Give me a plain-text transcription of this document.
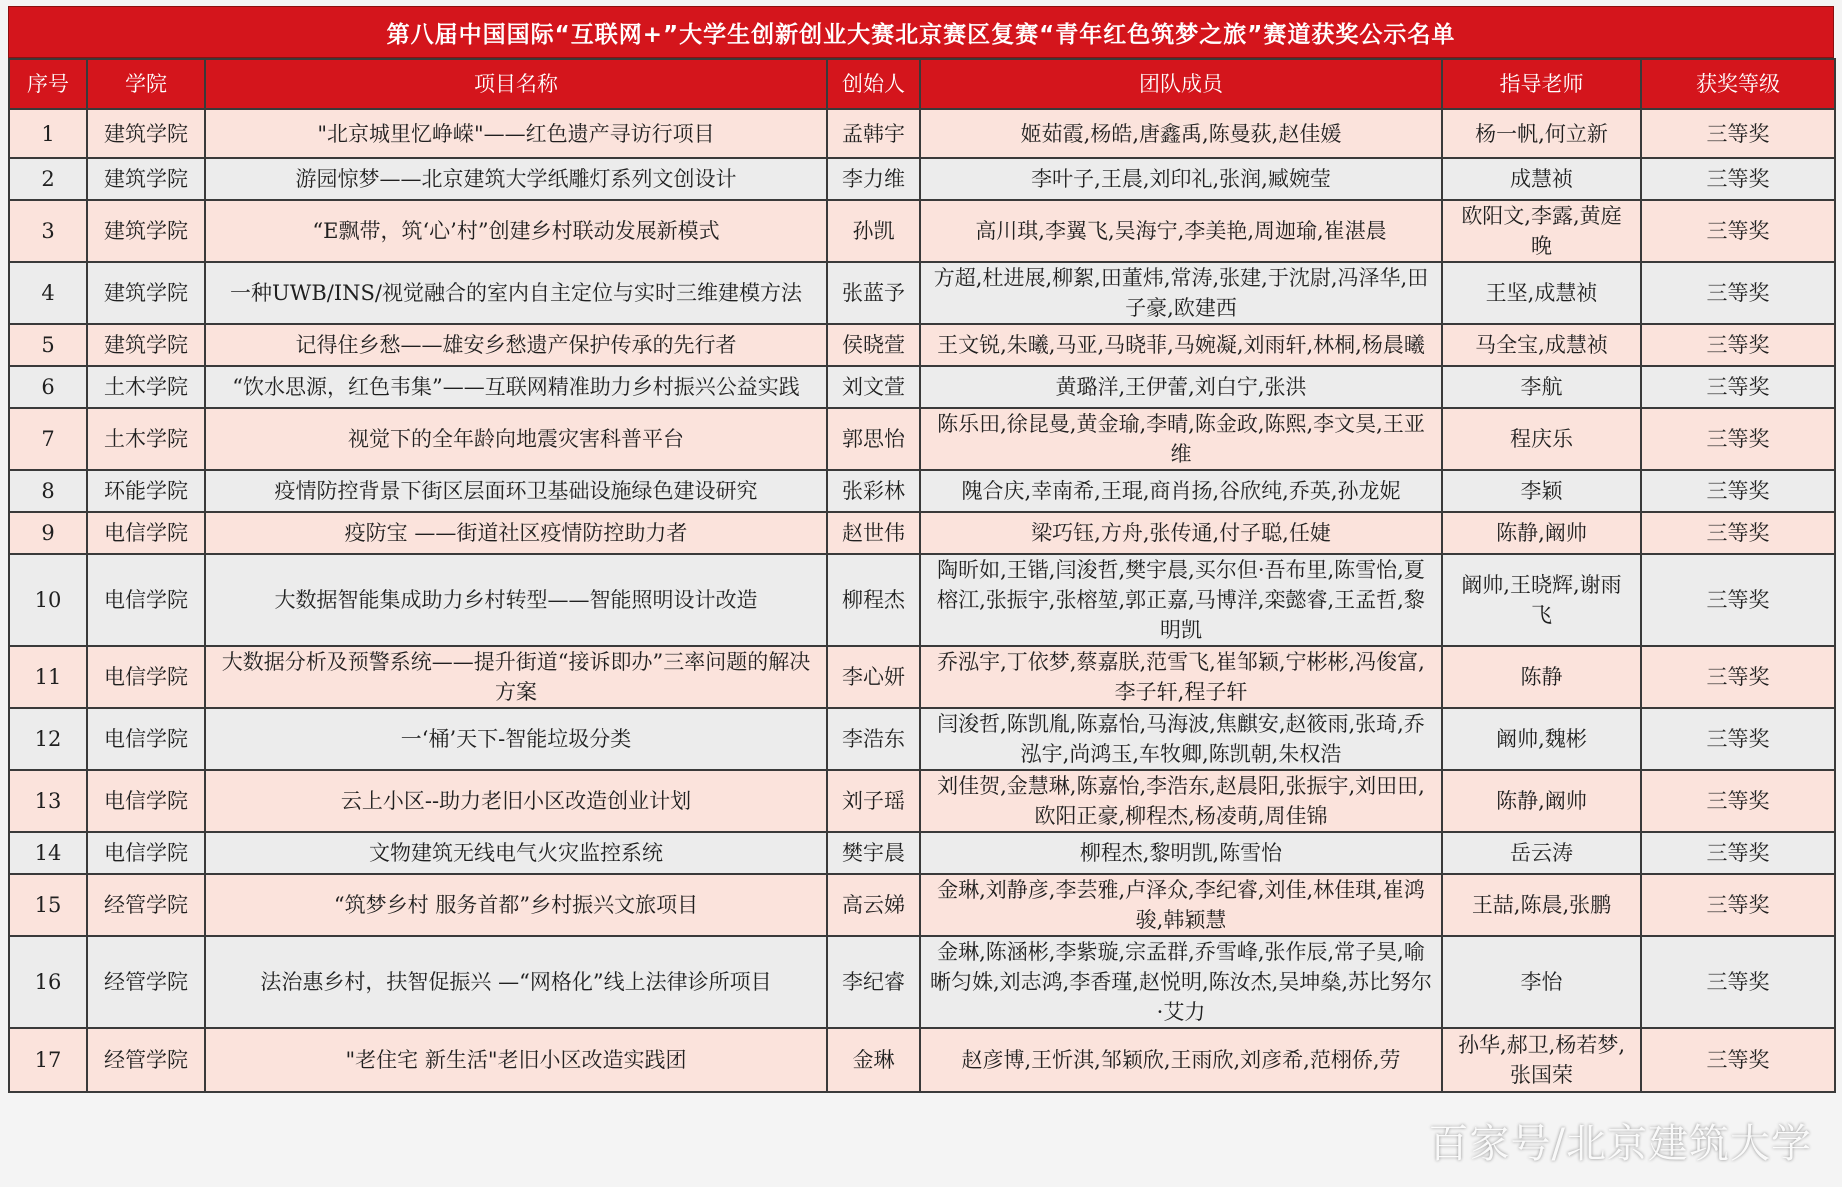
第八届中国国际“互联网+”大学生创新创业大赛北京赛区复赛“青年红色筑梦之旅”赛道获奖公示名单
序号	学院	项目名称	创始人	团队成员	指导老师	获奖等级
1	建筑学院	"北京城里忆峥嵘"——红色遗产寻访行项目	孟韩宇	姬茹霞,杨皓,唐鑫禹,陈曼荻,赵佳媛	杨一帆,何立新	三等奖
2	建筑学院	游园惊梦——北京建筑大学纸雕灯系列文创设计	李力维	李叶子,王晨,刘印礼,张润,臧婉莹	成慧祯	三等奖
3	建筑学院	“E飘带，筑‘心’村”创建乡村联动发展新模式	孙凯	高川琪,李翼飞,吴海宁,李美艳,周迦瑜,崔湛晨	欧阳文,李露,黄庭晚	三等奖
4	建筑学院	一种UWB/INS/视觉融合的室内自主定位与实时三维建模方法	张蓝予	方超,杜进展,柳絮,田董炜,常涛,张建,于沈尉,冯泽华,田子豪,欧建西	王坚,成慧祯	三等奖
5	建筑学院	记得住乡愁——雄安乡愁遗产保护传承的先行者	侯晓萱	王文锐,朱曦,马亚,马晓菲,马婉凝,刘雨轩,林桐,杨晨曦	马全宝,成慧祯	三等奖
6	土木学院	“饮水思源，红色韦集”——互联网精准助力乡村振兴公益实践	刘文萱	黄璐洋,王伊蕾,刘白宁,张洪	李航	三等奖
7	土木学院	视觉下的全年龄向地震灾害科普平台	郭思怡	陈乐田,徐昆曼,黄金瑜,李晴,陈金政,陈熙,李文昊,王亚维	程庆乐	三等奖
8	环能学院	疫情防控背景下街区层面环卫基础设施绿色建设研究	张彩林	隗合庆,幸南希,王琨,商肖扬,谷欣纯,乔英,孙龙妮	李颖	三等奖
9	电信学院	疫防宝 ——街道社区疫情防控助力者	赵世伟	梁巧钰,方舟,张传通,付子聪,任婕	陈静,阚帅	三等奖
10	电信学院	大数据智能集成助力乡村转型——智能照明设计改造	柳程杰	陶昕如,王锴,闫浚哲,樊宇晨,买尔但·吾布里,陈雪怡,夏榕江,张振宇,张榕堃,郭正嘉,马博洋,栾懿睿,王孟哲,黎明凯	阚帅,王晓辉,谢雨飞	三等奖
11	电信学院	大数据分析及预警系统——提升街道“接诉即办”三率问题的解决方案	李心妍	乔泓宇,丁依梦,蔡嘉朕,范雪飞,崔邹颖,宁彬彬,冯俊富,李子轩,程子轩	陈静	三等奖
12	电信学院	一‘桶’天下-智能垃圾分类	李浩东	闫浚哲,陈凯胤,陈嘉怡,马海波,焦麒安,赵筱雨,张琦,乔泓宇,尚鸿玉,车牧卿,陈凯朝,朱权浩	阚帅,魏彬	三等奖
13	电信学院	云上小区--助力老旧小区改造创业计划	刘子瑶	刘佳贺,金慧琳,陈嘉怡,李浩东,赵晨阳,张振宇,刘田田,欧阳正豪,柳程杰,杨凌萌,周佳锦	陈静,阚帅	三等奖
14	电信学院	文物建筑无线电气火灾监控系统	樊宇晨	柳程杰,黎明凯,陈雪怡	岳云涛	三等奖
15	经管学院	“筑梦乡村 服务首都”乡村振兴文旅项目	高云娣	金琳,刘静彦,李芸雅,卢泽众,李纪睿,刘佳,林佳琪,崔鸿骏,韩颖慧	王喆,陈晨,张鹏	三等奖
16	经管学院	法治惠乡村，扶智促振兴 —“网格化”线上法律诊所项目	李纪睿	金琳,陈涵彬,李紫璇,宗孟群,乔雪峰,张作辰,常子昊,喻晰匀姝,刘志鸿,李香瑾,赵悦明,陈汝杰,吴坤燊,苏比努尔·艾力	李怡	三等奖
17	经管学院	"老住宅 新生活"老旧小区改造实践团	金琳	赵彦博,王忻淇,邹颖欣,王雨欣,刘彦希,范栩侨,劳	孙华,郝卫,杨若梦,张国荣	三等奖
百家号/北京建筑大学
